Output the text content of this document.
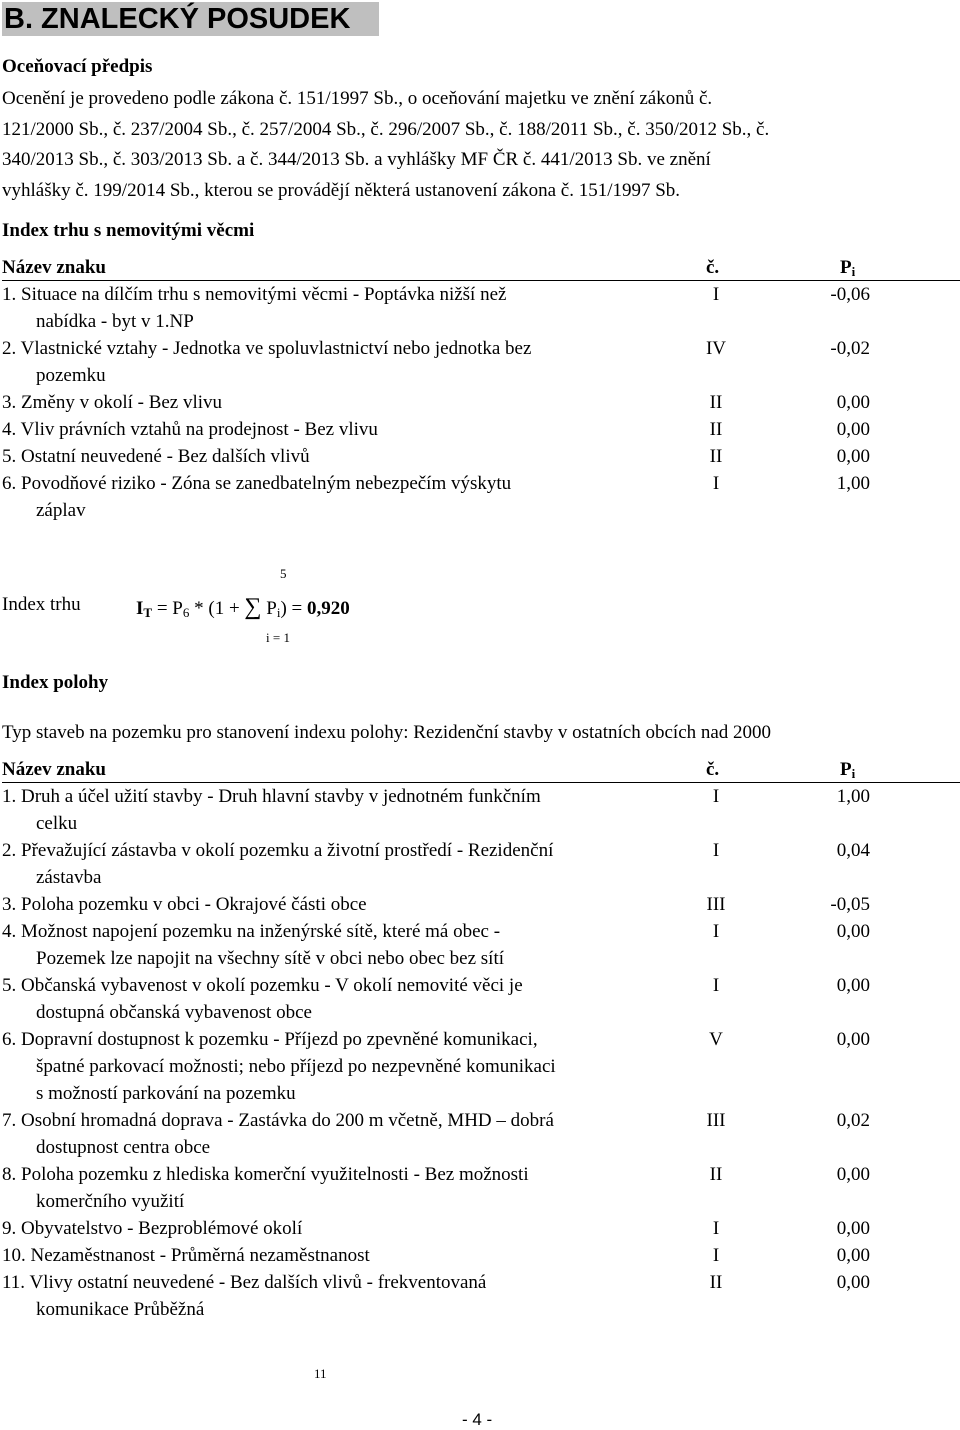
B. ZNALECKÝ POSUDEK
Oceňovací předpis
Ocenění je provedeno podle zákona č. 151/1997 Sb., o oceňování majetku ve znění zákonů č.
121/2000 Sb., č. 237/2004 Sb., č. 257/2004 Sb., č. 296/2007 Sb., č. 188/2011 Sb., č. 350/2012 Sb., č.
340/2013 Sb., č. 303/2013 Sb. a č. 344/2013 Sb. a vyhlášky MF ČR č. 441/2013 Sb. ve znění
vyhlášky č. 199/2014 Sb., kterou se provádějí některá ustanovení zákona č. 151/1997 Sb.
Index trhu s nemovitými věcmi
Název znaku	č.	$P_i$
1. Situace na dílčím trhu s nemovitými věcmi - Poptávka nižší než
nabídka - byt v 1.NP
I	-0,06
2. Vlastnické vztahy - Jednotka ve spoluvlastnictví nebo jednotka bez
pozemku
IV	-0,02
3. Změny v okolí - Bez vlivu	II	0,00
4. Vliv právních vztahů na prodejnost - Bez vlivu	II	0,00
5. Ostatní neuvedené - Bez dalších vlivů	II	0,00
6. Povodňové riziko - Zóna se zanedbatelným nebezpečím výskytu
záplav
I	1,00
Index trhu
5
i = 1
$I_T = P_6 * (1$ + ∑ $P_i) = 0,920$
Index polohy
Typ staveb na pozemku pro stanovení indexu polohy: Rezidenční stavby v ostatních obcích nad 2000
Název znaku	č.	$P_i$
1. Druh a účel užití stavby - Druh hlavní stavby v jednotném funkčním
celku
I	1,00
2. Převažující zástavba v okolí pozemku a životní prostředí - Rezidenční
zástavba
I	0,04
3. Poloha pozemku v obci - Okrajové části obce	III	-0,05
4. Možnost napojení pozemku na inženýrské sítě, které má obec -
Pozemek lze napojit na všechny sítě v obci nebo obec bez sítí
I	0,00
5. Občanská vybavenost v okolí pozemku - V okolí nemovité věci je
dostupná občanská vybavenost obce
I	0,00
6. Dopravní dostupnost k pozemku - Příjezd po zpevněné komunikaci,
špatné parkovací možnosti; nebo příjezd po nezpevněné komunikaci
s možností parkování na pozemku
V	0,00
7. Osobní hromadná doprava - Zastávka do 200 m včetně, MHD – dobrá
dostupnost centra obce
III	0,02
8. Poloha pozemku z hlediska komerční využitelnosti - Bez možnosti
komerčního využití
II	0,00
9. Obyvatelstvo - Bezproblémové okolí	I	0,00
10. Nezaměstnanost - Průměrná nezaměstnanost	I	0,00
11. Vlivy ostatní neuvedené - Bez dalších vlivů - frekventovaná
komunikace Průběžná
II	0,00
11
- 4 -
